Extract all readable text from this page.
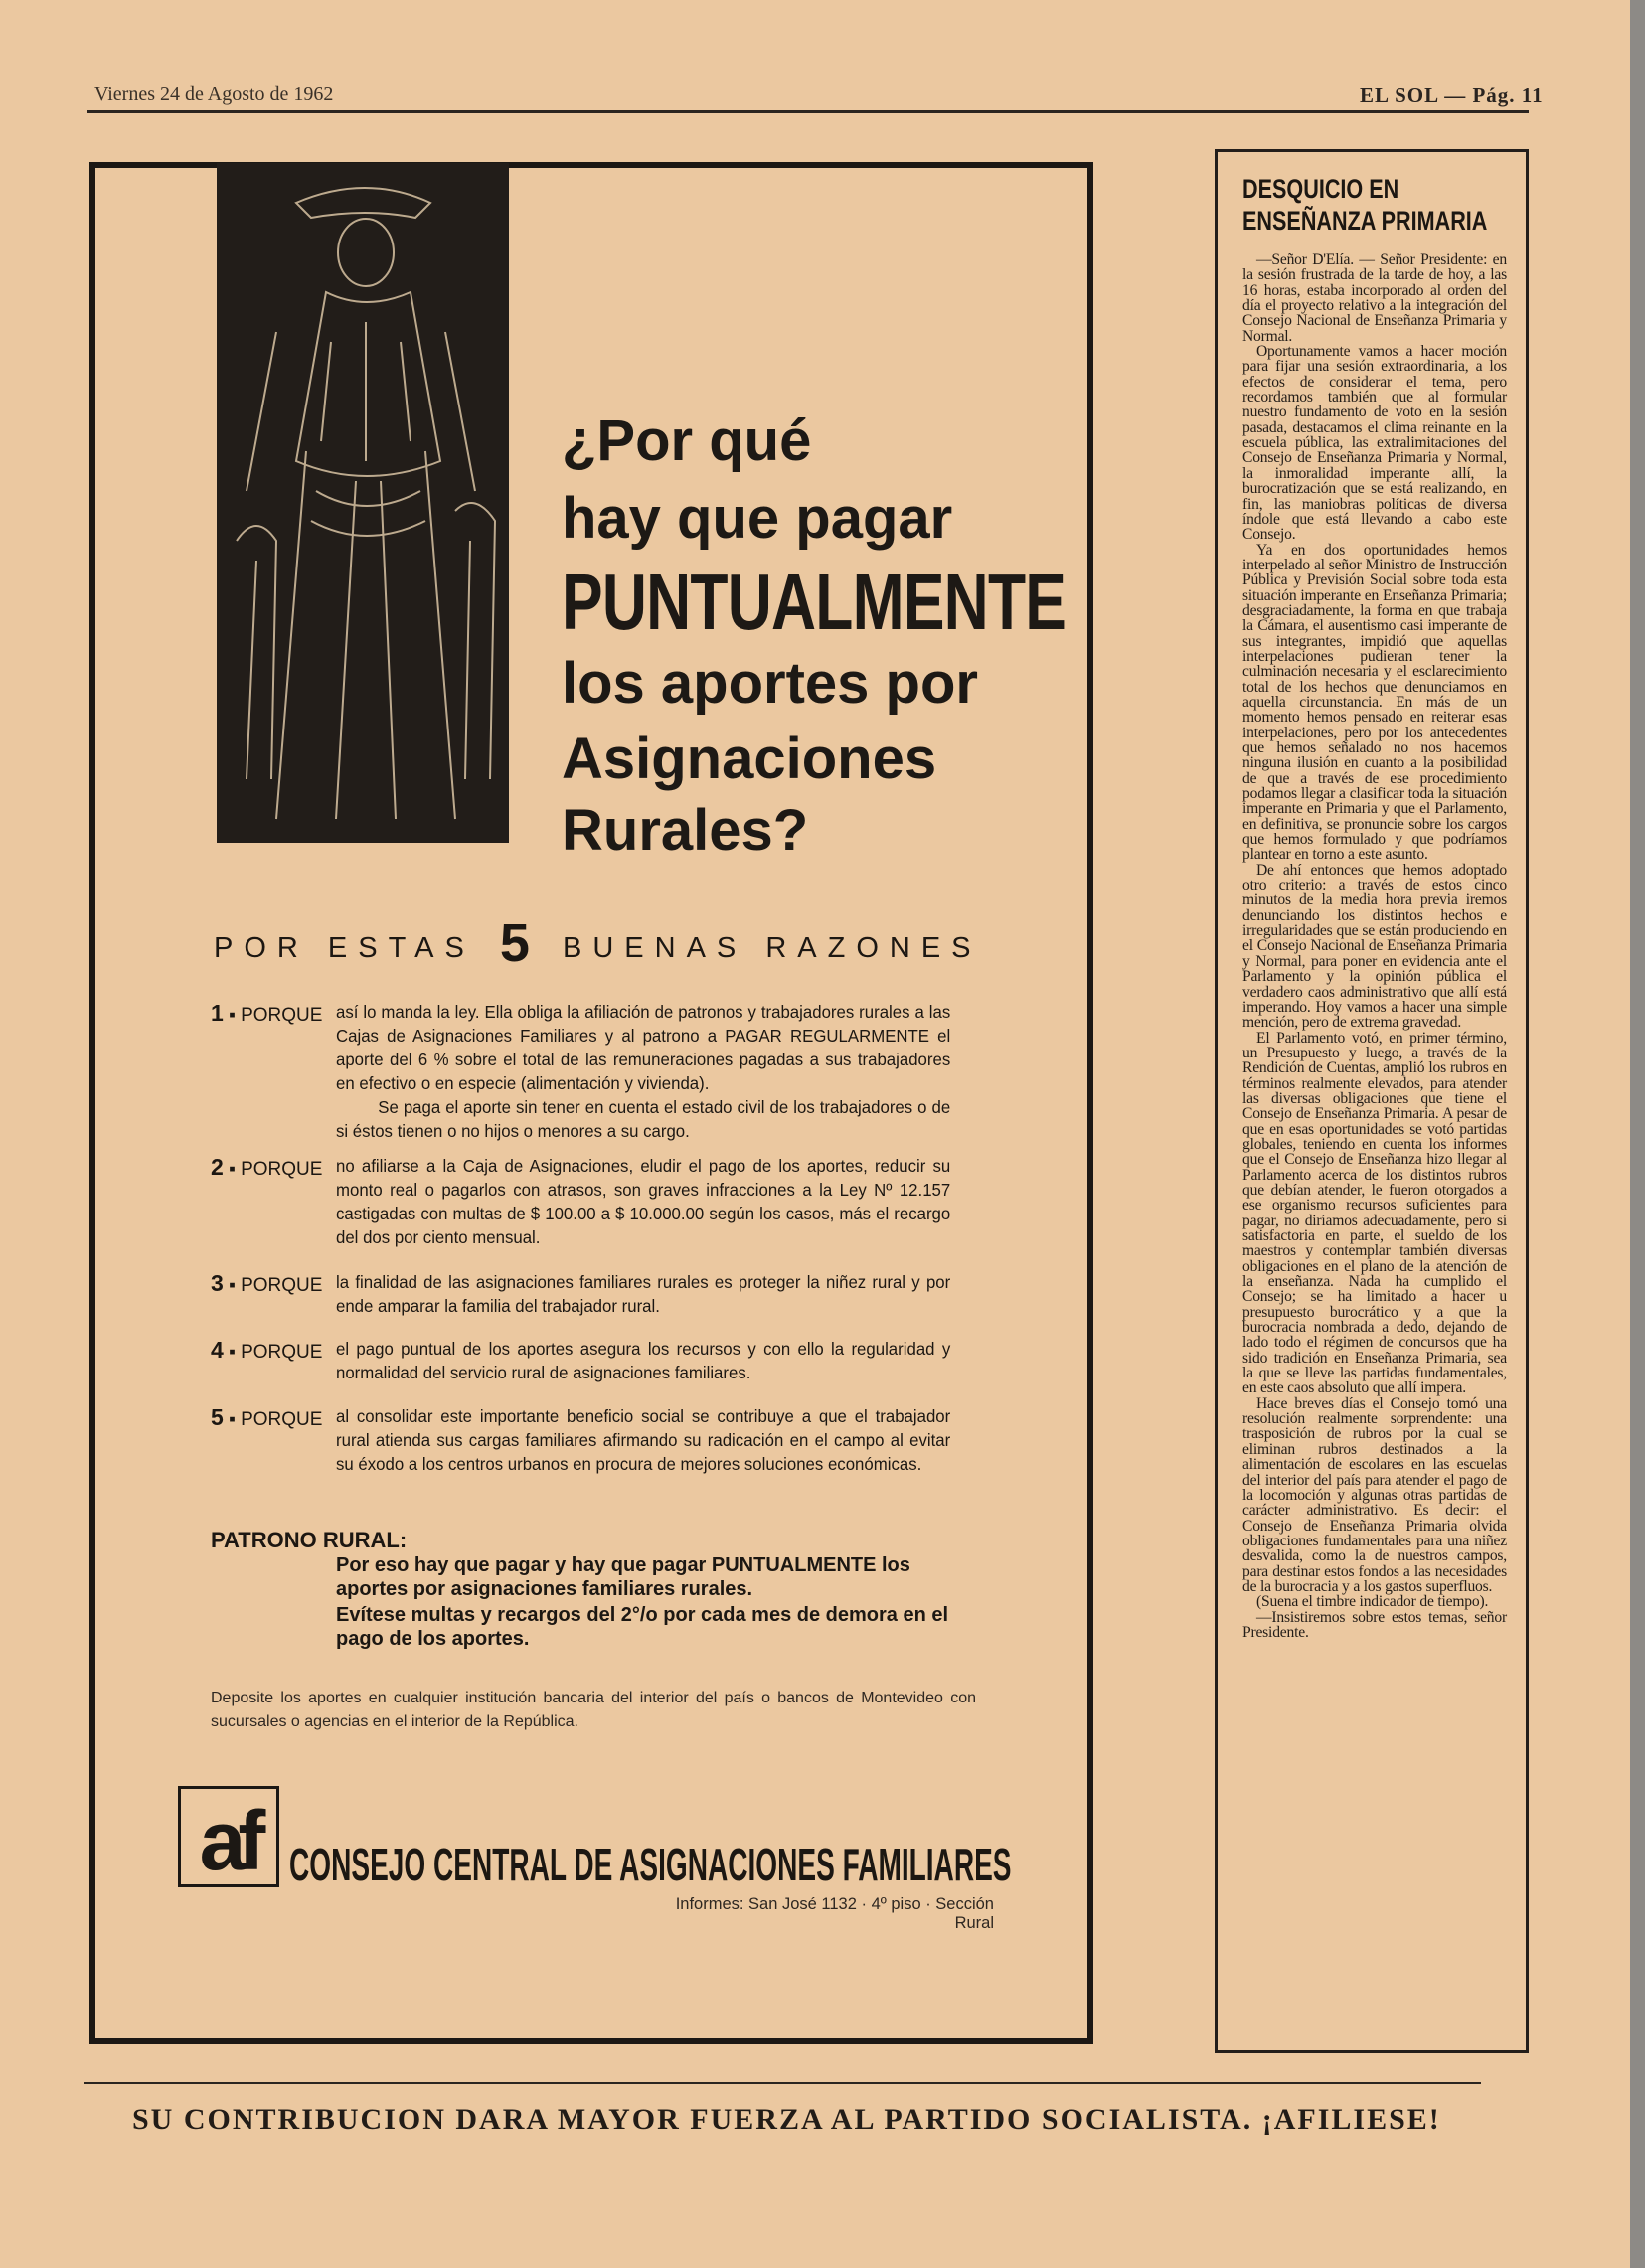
Viernes 24 de Agosto de 1962	EL SOL — Pág. 11
¿Por qué
hay que pagar
PUNTUALMENTE
los aportes por
Asignaciones
Rurales?
POR ESTAS 5 BUENAS RAZONES
1 ▪ PORQUE así lo manda la ley. Ella obliga la afiliación de patronos y trabajadores rurales a las Cajas de Asignaciones Familiares y al patrono a PAGAR REGULARMENTE el aporte del 6 % sobre el total de las remuneraciones pagadas a sus trabajadores en efectivo o en especie (alimentación y vivienda).

Se paga el aporte sin tener en cuenta el estado civil de los trabajadores o de si éstos tienen o no hijos o menores a su cargo.

2 ▪ PORQUE no afiliarse a la Caja de Asignaciones, eludir el pago de los aportes, reducir su monto real o pagarlos con atrasos, son graves infracciones a la Ley Nº 12.157 castigadas con multas de $ 100.00 a $ 10.000.00 según los casos, más el recargo del dos por ciento mensual.

3 ▪ PORQUE la finalidad de las asignaciones familiares rurales es proteger la niñez rural y por ende amparar la familia del trabajador rural.

4 ▪ PORQUE el pago puntual de los aportes asegura los recursos y con ello la regularidad y normalidad del servicio rural de asignaciones familiares.

5 ▪ PORQUE al consolidar este importante beneficio social se contribuye a que el trabajador rural atienda sus cargas familiares afirmando su radicación en el campo al evitar su éxodo a los centros urbanos en procura de mejores soluciones económicas.

PATRONO RURAL:

Por eso hay que pagar y hay que pagar PUNTUALMENTE los aportes por asignaciones familiares rurales.

Evítese multas y recargos del 2°/o por cada mes de demora en el pago de los aportes.

Deposite los aportes en cualquier institución bancaria del interior del país o bancos de Montevideo con sucursales o agencias en el interior de la República.
af CONSEJO CENTRAL DE ASIGNACIONES FAMILIARES
Informes: San José 1132 · 4º piso · Sección Rural
DESQUICIO EN
ENSEÑANZA PRIMARIA

—Señor D'Elía. — Señor Presidente: en la sesión frustrada de la tarde de hoy, a las 16 horas, estaba incorporado al orden del día el proyecto relativo a la integración del Consejo Nacional de Enseñanza Primaria y Normal.

Oportunamente vamos a hacer moción para fijar una sesión extraordinaria, a los efectos de considerar el tema, pero recordamos también que al formular nuestro fundamento de voto en la sesión pasada, destacamos el clima reinante en la escuela pública, las extralimitaciones del Consejo de Enseñanza Primaria y Normal, la inmoralidad imperante allí, la burocratización que se está realizando, en fin, las maniobras políticas de diversa índole que está llevando a cabo este Consejo.

Ya en dos oportunidades hemos interpelado al señor Ministro de Instrucción Pública y Previsión Social sobre toda esta situación imperante en Enseñanza Primaria; desgraciadamente, la forma en que trabaja la Cámara, el ausentismo casi imperante de sus integrantes, impidió que aquellas interpelaciones pudieran tener la culminación necesaria y el esclarecimiento total de los hechos que denunciamos en aquella circunstancia. En más de un momento hemos pensado en reiterar esas interpelaciones, pero por los antecedentes que hemos señalado no nos hacemos ninguna ilusión en cuanto a la posibilidad de que a través de ese procedimiento podamos llegar a clasificar toda la situación imperante en Primaria y que el Parlamento, en definitiva, se pronuncie sobre los cargos que hemos formulado y que podríamos plantear en torno a este asunto.

De ahí entonces que hemos adoptado otro criterio: a través de estos cinco minutos de la media hora previa iremos denunciando los distintos hechos e irregularidades que se están produciendo en el Consejo Nacional de Enseñanza Primaria y Normal, para poner en evidencia ante el Parlamento y la opinión pública el verdadero caos administrativo que allí está imperando. Hoy vamos a hacer una simple mención, pero de extrema gravedad.

El Parlamento votó, en primer término, un Presupuesto y luego, a través de la Rendición de Cuentas, amplió los rubros en términos realmente elevados, para atender las diversas obligaciones que tiene el Consejo de Enseñanza Primaria. A pesar de que en esas oportunidades se votó partidas globales, teniendo en cuenta los informes que el Consejo de Enseñanza hizo llegar al Parlamento acerca de los distintos rubros que debían atender, le fueron otorgados a ese organismo recursos suficientes para pagar, no diríamos adecuadamente, pero sí satisfactoria en parte, el sueldo de los maestros y contemplar también diversas obligaciones en el plano de la atención de la enseñanza. Nada ha cumplido el Consejo; se ha limitado a hacer u presupuesto burocrático y a que la burocracia nombrada a dedo, dejando de lado todo el régimen de concursos que ha sido tradición en Enseñanza Primaria, sea la que se lleve las partidas fundamentales, en este caos absoluto que allí impera.

Hace breves días el Consejo tomó una resolución realmente sorprendente: una trasposición de rubros por la cual se eliminan rubros destinados a la alimentación de escolares en las escuelas del interior del país para atender el pago de la locomoción y algunas otras partidas de carácter administrativo. Es decir: el Consejo de Enseñanza Primaria olvida obligaciones fundamentales para una niñez desvalida, como la de nuestros campos, para destinar estos fondos a las necesidades de la burocracia y a los gastos superfluos.

(Suena el timbre indicador de tiempo).

—Insistiremos sobre estos temas, señor Presidente.

SU CONTRIBUCION DARA MAYOR FUERZA AL PARTIDO SOCIALISTA. ¡AFILIESE!
